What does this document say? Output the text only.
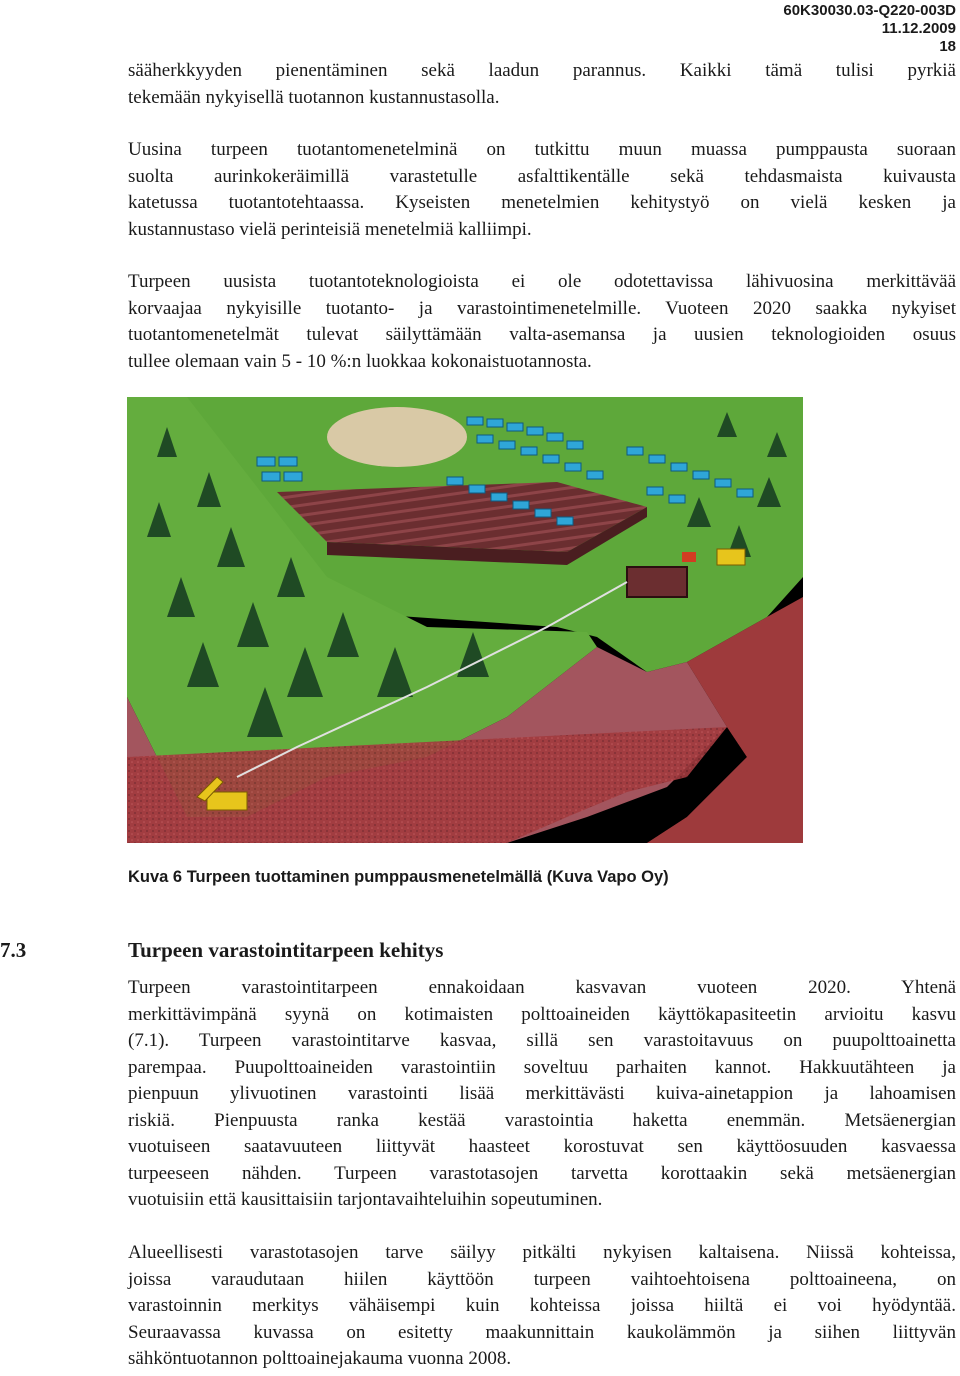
60K30030.03-Q220-003D
11.12.2009
18

sääherkkyyden pienentäminen sekä laadun parannus. Kaikki tämä tulisi pyrkiä
tekemään nykyisellä tuotannon kustannustasolla.

Uusina turpeen tuotantomenetelminä on tutkittu muun muassa pumppausta suoraan
suolta aurinkokeräimillä varastetulle asfalttikentälle sekä tehdasmaista kuivausta
katetussa tuotantotehtaassa. Kyseisten menetelmien kehitystyö on vielä kesken ja
kustannustaso vielä perinteisiä menetelmiä kalliimpi.

Turpeen uusista tuotantoteknologioista ei ole odotettavissa lähivuosina merkittävää
korvaajaa nykyisille tuotanto- ja varastointimenetelmille. Vuoteen 2020 saakka nykyiset
tuotantomenetelmät tulevat säilyttämään valta-asemansa ja uusien teknologioiden osuus
tullee olemaan vain 5 - 10 %:n luokkaa kokonaistuotannosta.

Kuva 6 Turpeen tuottaminen pumppausmenetelmällä (Kuva Vapo Oy)
7.3	Turpeen varastointitarpeen kehitys

Turpeen varastointitarpeen ennakoidaan kasvavan vuoteen 2020. Yhtenä
merkittävimpänä syynä on kotimaisten polttoaineiden käyttökapasiteetin arvioitu kasvu
(7.1). Turpeen varastointitarve kasvaa, sillä sen varastoitavuus on puupolttoainetta
parempaa. Puupolttoaineiden varastointiin soveltuu parhaiten kannot. Hakkuutähteen ja
pienpuun ylivuotinen varastointi lisää merkittävästi kuiva-ainetappion ja lahoamisen
riskiä. Pienpuusta ranka kestää varastointia haketta enemmän. Metsäenergian
vuotuiseen saatavuuteen liittyvät haasteet korostuvat sen käyttöosuuden kasvaessa
turpeeseen nähden. Turpeen varastotasojen tarvetta korottaakin sekä metsäenergian
vuotuisiin että kausittaisiin tarjontavaihteluihin sopeutuminen.

Alueellisesti varastotasojen tarve säilyy pitkälti nykyisen kaltaisena. Niissä kohteissa,
joissa varaudutaan hiilen käyttöön turpeen vaihtoehtoisena polttoaineena, on
varastoinnin merkitys vähäisempi kuin kohteissa joissa hiiltä ei voi hyödyntää.
Seuraavassa kuvassa on esitetty maakunnittain kaukolämmön ja siihen liittyvän
sähköntuotannon polttoainejakauma vuonna 2008.
